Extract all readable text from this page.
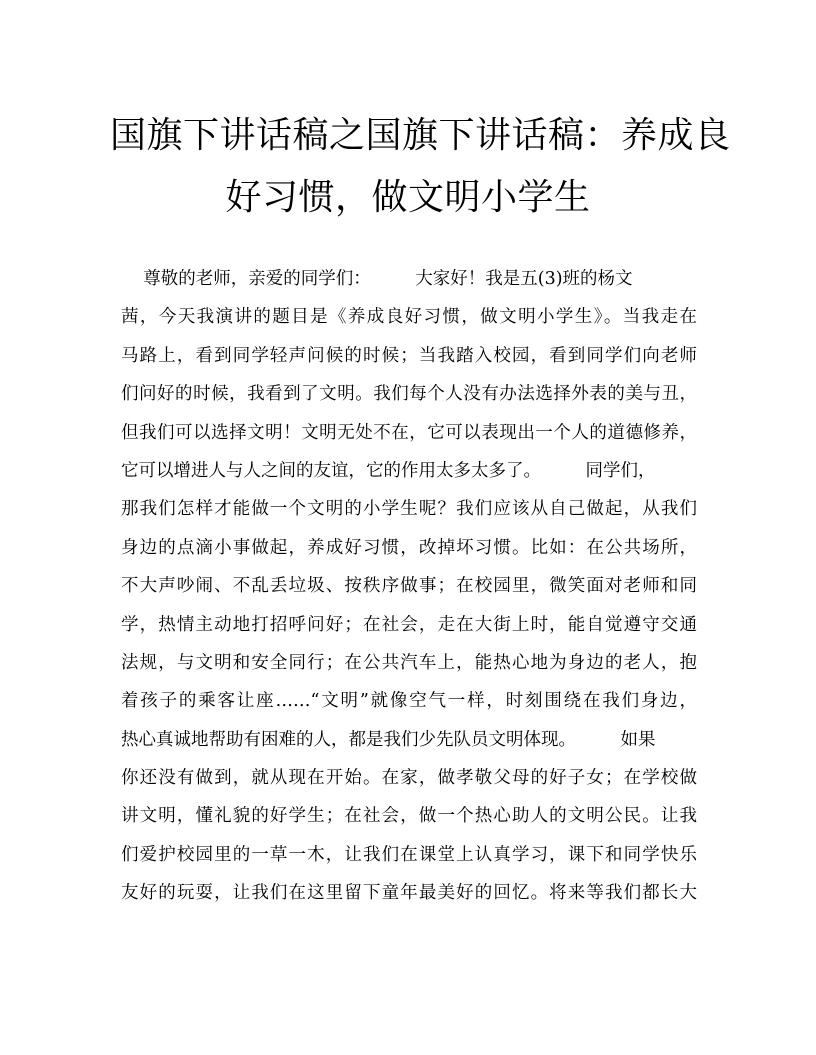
国旗下讲话稿之国旗下讲话稿：养成良
好习惯，做文明小学生
尊敬的老师，亲爱的同学们：        大家好！我是五(3)班的杨文
茜，今天我演讲的题目是《养成良好习惯，做文明小学生》。当我走在
马路上，看到同学轻声问候的时候；当我踏入校园，看到同学们向老师
们问好的时候，我看到了文明。我们每个人没有办法选择外表的美与丑，
但我们可以选择文明！文明无处不在，它可以表现出一个人的道德修养，
它可以增进人与人之间的友谊，它的作用太多太多了。        同学们，
那我们怎样才能做一个文明的小学生呢？我们应该从自己做起，从我们
身边的点滴小事做起，养成好习惯，改掉坏习惯。比如：在公共场所，
不大声吵闹、不乱丢垃圾、按秩序做事；在校园里，微笑面对老师和同
学，热情主动地打招呼问好；在社会，走在大街上时，能自觉遵守交通
法规，与文明和安全同行；在公共汽车上，能热心地为身边的老人，抱
着孩子的乘客让座……“文明”就像空气一样，时刻围绕在我们身边，
热心真诚地帮助有困难的人，都是我们少先队员文明体现。        如果
你还没有做到，就从现在开始。在家，做孝敬父母的好子女；在学校做
讲文明，懂礼貌的好学生；在社会，做一个热心助人的文明公民。让我
们爱护校园里的一草一木，让我们在课堂上认真学习，课下和同学快乐
友好的玩耍，让我们在这里留下童年最美好的回忆。将来等我们都长大
